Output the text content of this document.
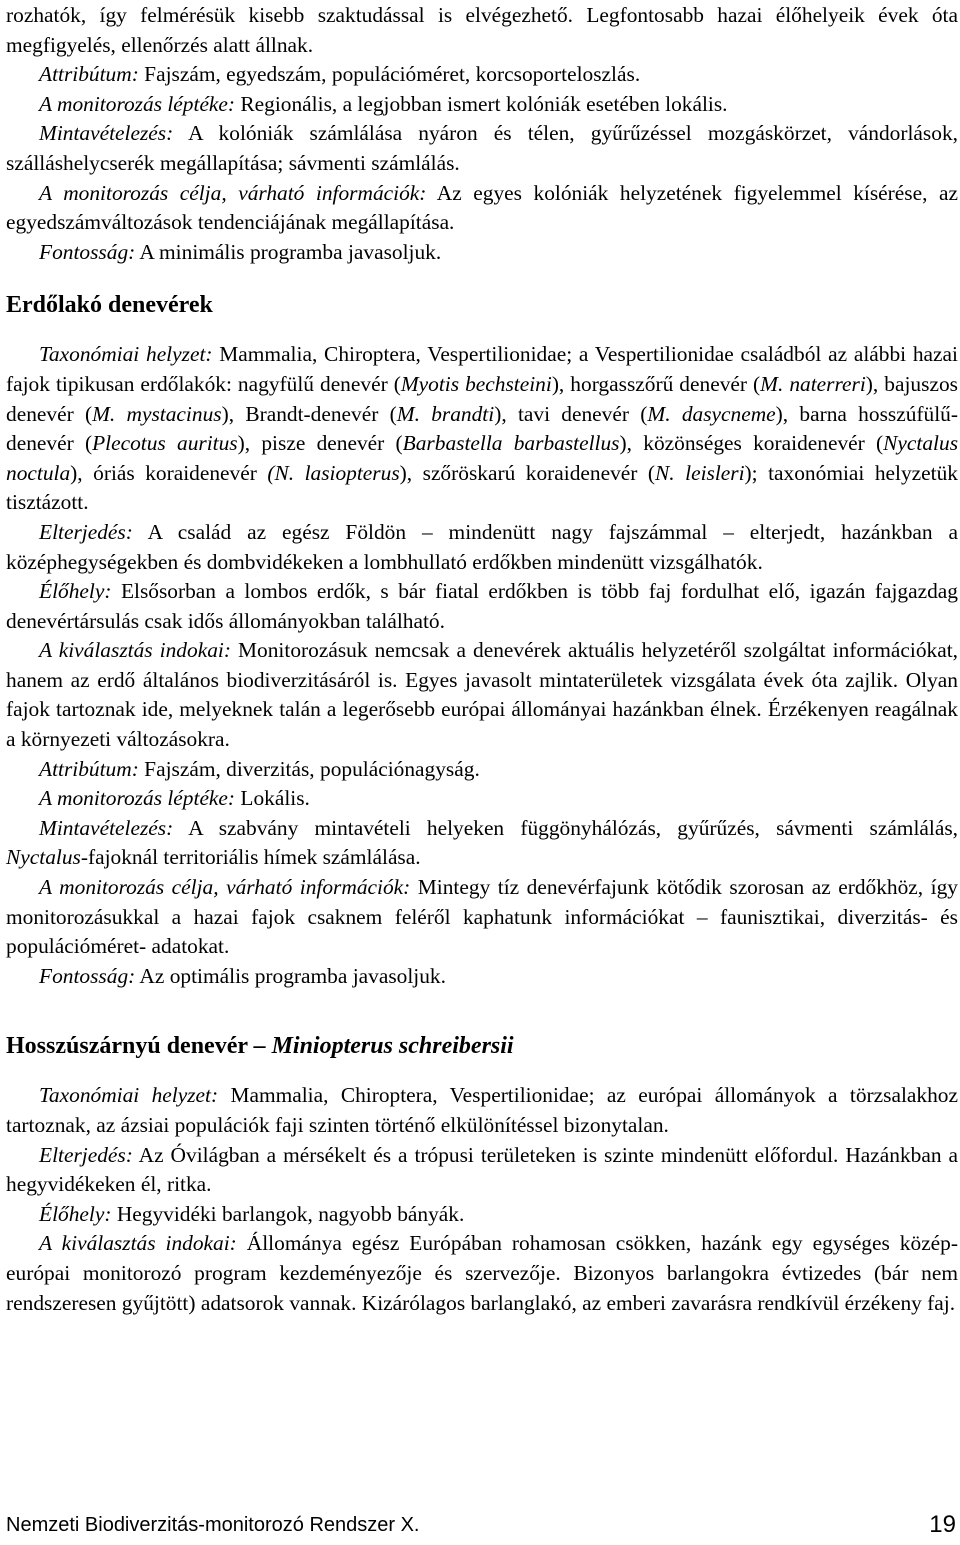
rozhatók, így felmérésük kisebb szaktudással is elvégezhető. Legfontosabb hazai élőhelyeik évek óta megfigyelés, ellenőrzés alatt állnak.

Attribútum: Fajszám, egyedszám, populációméret, korcsoporteloszlás.

A monitorozás léptéke: Regionális, a legjobban ismert kolóniák esetében lokális.

Mintavételezés: A kolóniák számlálása nyáron és télen, gyűrűzéssel mozgáskörzet, vándorlások, szálláshelycserék megállapítása; sávmenti számlálás.

A monitorozás célja, várható információk: Az egyes kolóniák helyzetének figyelemmel kísérése, az egyedszámváltozások tendenciájának megállapítása.

Fontosság: A minimális programba javasoljuk.

Erdőlakó denevérek

Taxonómiai helyzet: Mammalia, Chiroptera, Vespertilionidae; a Vespertilionidae családból az alábbi hazai fajok tipikusan erdőlakók: nagyfülű denevér (Myotis bechsteini), horgasszőrű denevér (M. naterreri), bajuszos denevér (M. mystacinus), Brandt-denevér (M. brandti), tavi denevér (M. dasycneme), barna hosszúfülű-denevér (Plecotus auritus), pisze denevér (Barbastella barbastellus), közönséges koraidenevér (Nyctalus noctula), óriás koraidenevér (N. lasiopterus), szőröskarú koraidenevér (N. leisleri); taxonómiai helyzetük tisztázott.

Elterjedés: A család az egész Földön – mindenütt nagy fajszámmal – elterjedt, hazánkban a középhegységekben és dombvidékeken a lombhullató erdőkben mindenütt vizsgálhatók.

Élőhely: Elsősorban a lombos erdők, s bár fiatal erdőkben is több faj fordulhat elő, igazán fajgazdag denevértársulás csak idős állományokban található.

A kiválasztás indokai: Monitorozásuk nemcsak a denevérek aktuális helyzetéről szolgáltat információkat, hanem az erdő általános biodiverzitásáról is. Egyes javasolt mintaterületek vizsgálata évek óta zajlik. Olyan fajok tartoznak ide, melyeknek talán a legerősebb európai állományai hazánkban élnek. Érzékenyen reagálnak a környezeti változásokra.

Attribútum: Fajszám, diverzitás, populációnagyság.

A monitorozás léptéke: Lokális.

Mintavételezés: A szabvány mintavételi helyeken függönyhálózás, gyűrűzés, sávmenti számlálás, Nyctalus-fajoknál territoriális hímek számlálása.

A monitorozás célja, várható információk: Mintegy tíz denevérfajunk kötődik szorosan az erdőkhöz, így monitorozásukkal a hazai fajok csaknem feléről kaphatunk információkat – faunisztikai, diverzitás- és populációméret- adatokat.

Fontosság: Az optimális programba javasoljuk.

Hosszúszárnyú denevér – Miniopterus schreibersii

Taxonómiai helyzet: Mammalia, Chiroptera, Vespertilionidae; az európai állományok a törzsalakhoz tartoznak, az ázsiai populációk faji szinten történő elkülönítéssel bizonytalan.

Elterjedés: Az Óvilágban a mérsékelt és a trópusi területeken is szinte mindenütt előfordul. Hazánkban a hegyvidékeken él, ritka.

Élőhely: Hegyvidéki barlangok, nagyobb bányák.

A kiválasztás indokai: Állománya egész Európában rohamosan csökken, hazánk egy egységes közép-európai monitorozó program kezdeményezője és szervezője. Bizonyos barlangokra évtizedes (bár nem rendszeresen gyűjtött) adatsorok vannak. Kizárólagos barlanglakó, az emberi zavarásra rendkívül érzékeny faj.

Nemzeti Biodiverzitás-monitorozó Rendszer X.	19
